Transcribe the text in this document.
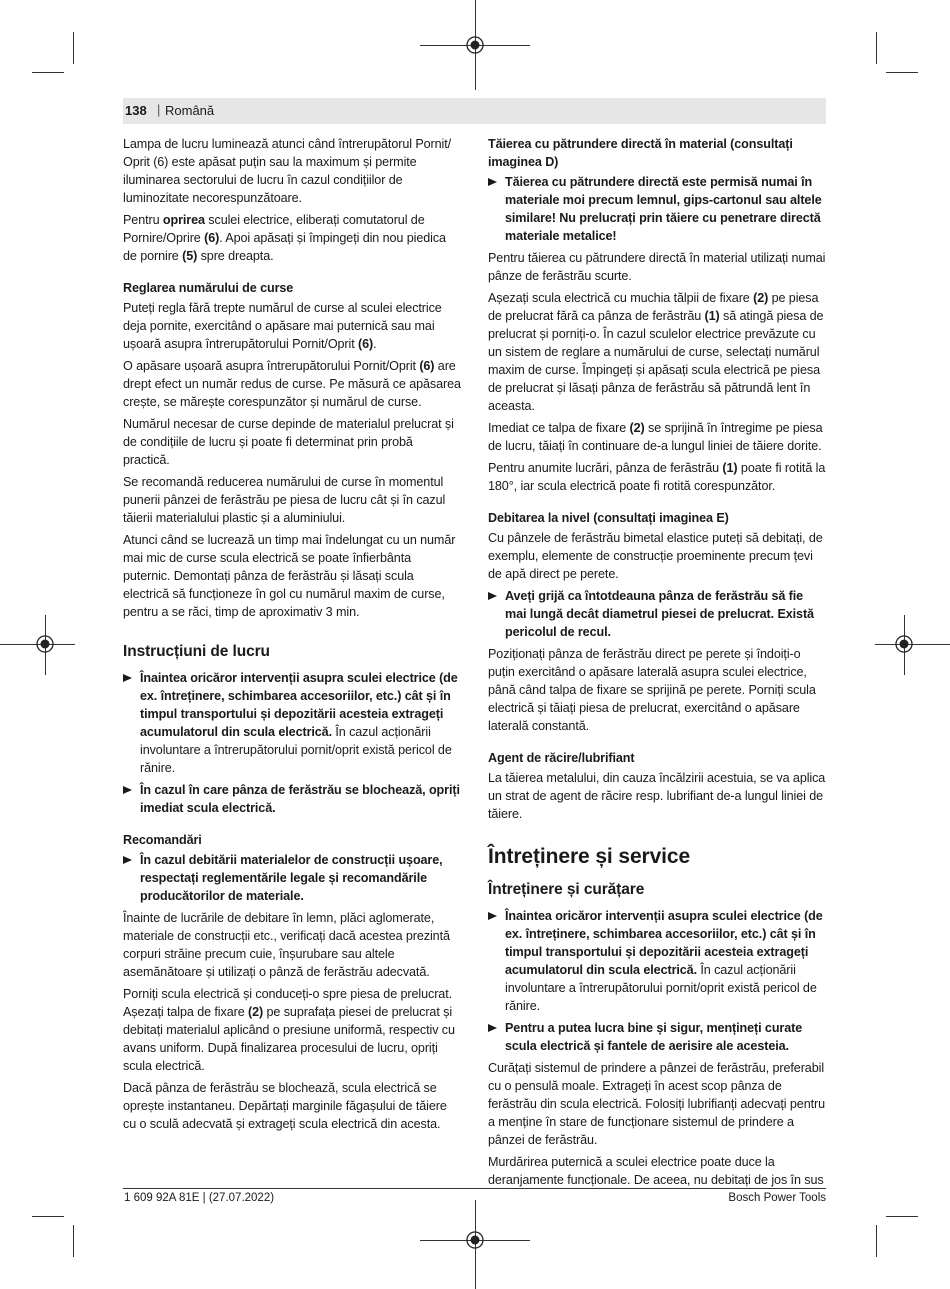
138 | Română

Lampa de lucru luminează atunci când întrerupătorul Pornit/ Oprit (6) este apăsat puțin sau la maximum și permite iluminarea sectorului de lucru în cazul condițiilor de luminozitate necorespunzătoare.

Pentru oprirea sculei electrice, eliberați comutatorul de Pornire/Oprire (6). Apoi apăsați și împingeți din nou piedica de pornire (5) spre dreapta.

Reglarea numărului de curse

Puteți regla fără trepte numărul de curse al sculei electrice deja pornite, exercitând o apăsare mai puternică sau mai ușoară asupra întrerupătorului Pornit/Oprit (6).

O apăsare ușoară asupra întrerupătorului Pornit/Oprit (6) are drept efect un număr redus de curse. Pe măsură ce apăsarea crește, se mărește corespunzător și numărul de curse.

Numărul necesar de curse depinde de materialul prelucrat și de condițiile de lucru și poate fi determinat prin probă practică.

Se recomandă reducerea numărului de curse în momentul punerii pânzei de ferăstrău pe piesa de lucru cât și în cazul tăierii materialului plastic și a aluminiului.

Atunci când se lucrează un timp mai îndelungat cu un număr mai mic de curse scula electrică se poate înfierbânta puternic. Demontați pânza de ferăstrău și lăsați scula electrică să funcționeze în gol cu numărul maxim de curse, pentru a se răci, timp de aproximativ 3 min.

Instrucțiuni de lucru
Înaintea oricăror intervenții asupra sculei electrice (de ex. întreținere, schimbarea accesoriilor, etc.) cât și în timpul transportului și depozitării acesteia extrageți acumulatorul din scula electrică. În cazul acționării involuntare a întrerupătorului pornit/oprit există pericol de rănire.
În cazul în care pânza de ferăstrău se blochează, opriți imediat scula electrică.
Recomandări
În cazul debitării materialelor de construcții ușoare, respectați reglementările legale și recomandările producătorilor de materiale.

Înainte de lucrările de debitare în lemn, plăci aglomerate, materiale de construcții etc., verificați dacă acestea prezintă corpuri străine precum cuie, înșurubare sau altele asemănătoare și utilizați o pânză de ferăstrău adecvată.

Porniți scula electrică și conduceți-o spre piesa de prelucrat. Așezați talpa de fixare (2) pe suprafața piesei de prelucrat și debitați materialul aplicând o presiune uniformă, respectiv cu avans uniform. După finalizarea procesului de lucru, opriți scula electrică.

Dacă pânza de ferăstrău se blochează, scula electrică se oprește instantaneu. Depărtați marginile făgașului de tăiere cu o sculă adecvată și extrageți scula electrică din acesta.

Tăierea cu pătrundere directă în material (consultați imaginea D)
Tăierea cu pătrundere directă este permisă numai în materiale moi precum lemnul, gips-cartonul sau altele similare! Nu prelucrați prin tăiere cu penetrare directă materiale metalice!

Pentru tăierea cu pătrundere directă în material utilizați numai pânze de ferăstrău scurte.

Așezați scula electrică cu muchia tălpii de fixare (2) pe piesa de prelucrat fără ca pânza de ferăstrău (1) să atingă piesa de prelucrat și porniți-o. În cazul sculelor electrice prevăzute cu un sistem de reglare a numărului de curse, selectați numărul maxim de curse. Împingeți și apăsați scula electrică pe piesa de prelucrat și lăsați pânza de ferăstrău să pătrundă lent în aceasta.

Imediat ce talpa de fixare (2) se sprijină în întregime pe piesa de lucru, tăiați în continuare de-a lungul liniei de tăiere dorite.

Pentru anumite lucrări, pânza de ferăstrău (1) poate fi rotită la 180°, iar scula electrică poate fi rotită corespunzător.

Debitarea la nivel (consultați imaginea E)

Cu pânzele de ferăstrău bimetal elastice puteți să debitați, de exemplu, elemente de construcție proeminente precum țevi de apă direct pe perete.

Aveți grijă ca întotdeauna pânza de ferăstrău să fie mai lungă decât diametrul piesei de prelucrat. Există pericolul de recul.

Poziționați pânza de ferăstrău direct pe perete și îndoiți-o puțin exercitând o apăsare laterală asupra sculei electrice, până când talpa de fixare se sprijină pe perete. Porniți scula electrică și tăiați piesa de prelucrat, exercitând o apăsare laterală constantă.

Agent de răcire/lubrifiant

La tăierea metalului, din cauza încălzirii acestuia, se va aplica un strat de agent de răcire resp. lubrifiant de-a lungul liniei de tăiere.

Întreținere și service
Întreținere și curățare
Înaintea oricăror intervenții asupra sculei electrice (de ex. întreținere, schimbarea accesoriilor, etc.) cât și în timpul transportului și depozitării acesteia extrageți acumulatorul din scula electrică. În cazul acționării involuntare a întrerupătorului pornit/oprit există pericol de rănire.
Pentru a putea lucra bine și sigur, mențineți curate scula electrică și fantele de aerisire ale acesteia.

Curățați sistemul de prindere a pânzei de ferăstrău, preferabil cu o pensulă moale. Extrageți în acest scop pânza de ferăstrău din scula electrică. Folosiți lubrifianți adecvați pentru a menține în stare de funcționare sistemul de prindere a pânzei de ferăstrău.

Murdărirea puternică a sculei electrice poate duce la deranjamente funcționale. De aceea, nu debitați de jos în sus

1 609 92A 81E | (27.07.2022)	Bosch Power Tools
